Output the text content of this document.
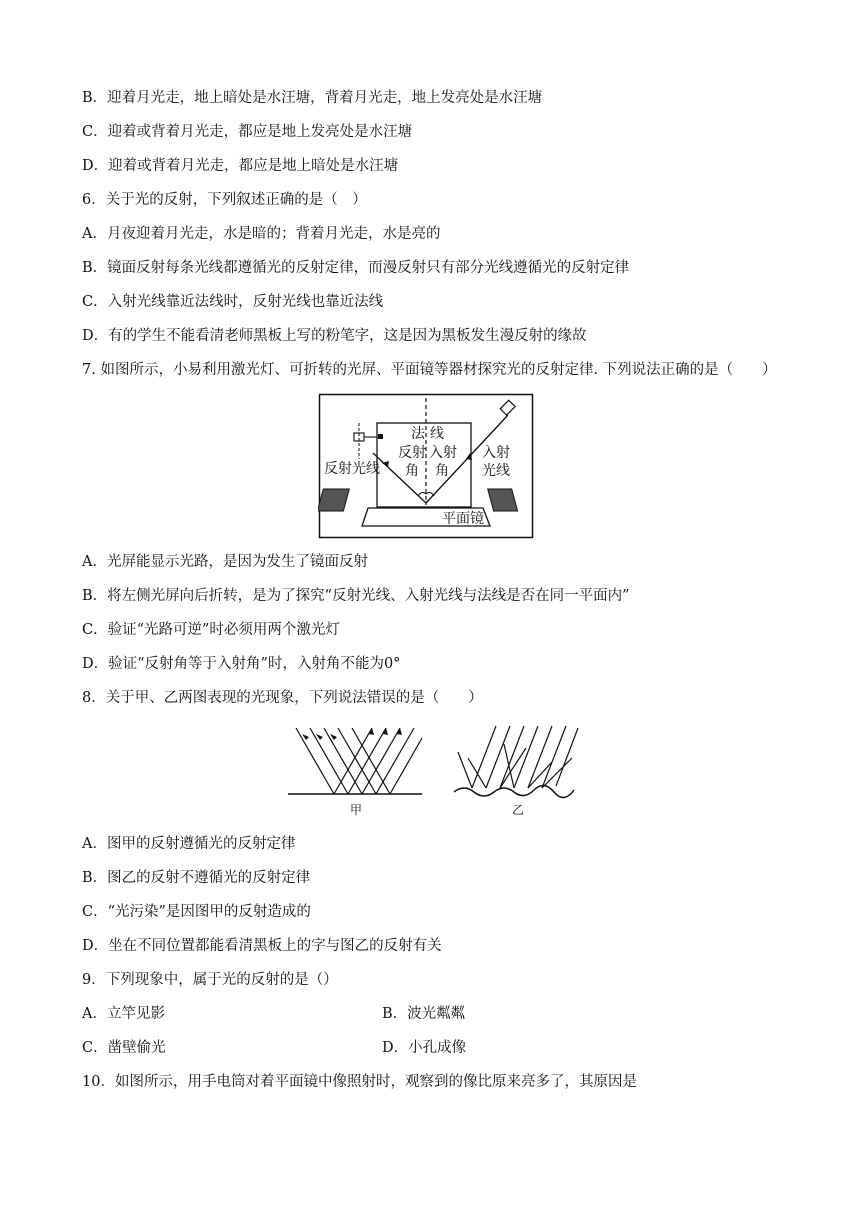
B．迎着月光走，地上暗处是水汪塘，背着月光走，地上发亮处是水汪塘
C．迎着或背着月光走，都应是地上发亮处是水汪塘
D．迎着或背着月光走，都应是地上暗处是水汪塘
6．关于光的反射，下列叙述正确的是（　）
A．月夜迎着月光走，水是暗的；背着月光走，水是亮的
B．镜面反射每条光线都遵循光的反射定律，而漫反射只有部分光线遵循光的反射定律
C．入射光线靠近法线时，反射光线也靠近法线
D．有的学生不能看清老师黑板上写的粉笔字，这是因为黑板发生漫反射的缘故
7. 如图所示，小易利用激光灯、可折转的光屏、平面镜等器材探究光的反射定律. 下列说法正确的是（　　）
法 线
反射
角
入射
角
反射光线
入射
光线
平面镜
A．光屏能显示光路，是因为发生了镜面反射
B．将左侧光屏向后折转，是为了探究“反射光线、入射光线与法线是否在同一平面内”
C．验证“光路可逆”时必须用两个激光灯
D．验证“反射角等于入射角”时，入射角不能为0°
8．关于甲、乙两图表现的光现象，下列说法错误的是（　　）
甲	乙
A．图甲的反射遵循光的反射定律
B．图乙的反射不遵循光的反射定律
C．“光污染”是因图甲的反射造成的
D．坐在不同位置都能看清黑板上的字与图乙的反射有关
9．下列现象中，属于光的反射的是（）
A．立竿见影	B．波光粼粼
C．凿壁偷光	D．小孔成像
10．如图所示，用手电筒对着平面镜中像照射时，观察到的像比原来亮多了，其原因是
